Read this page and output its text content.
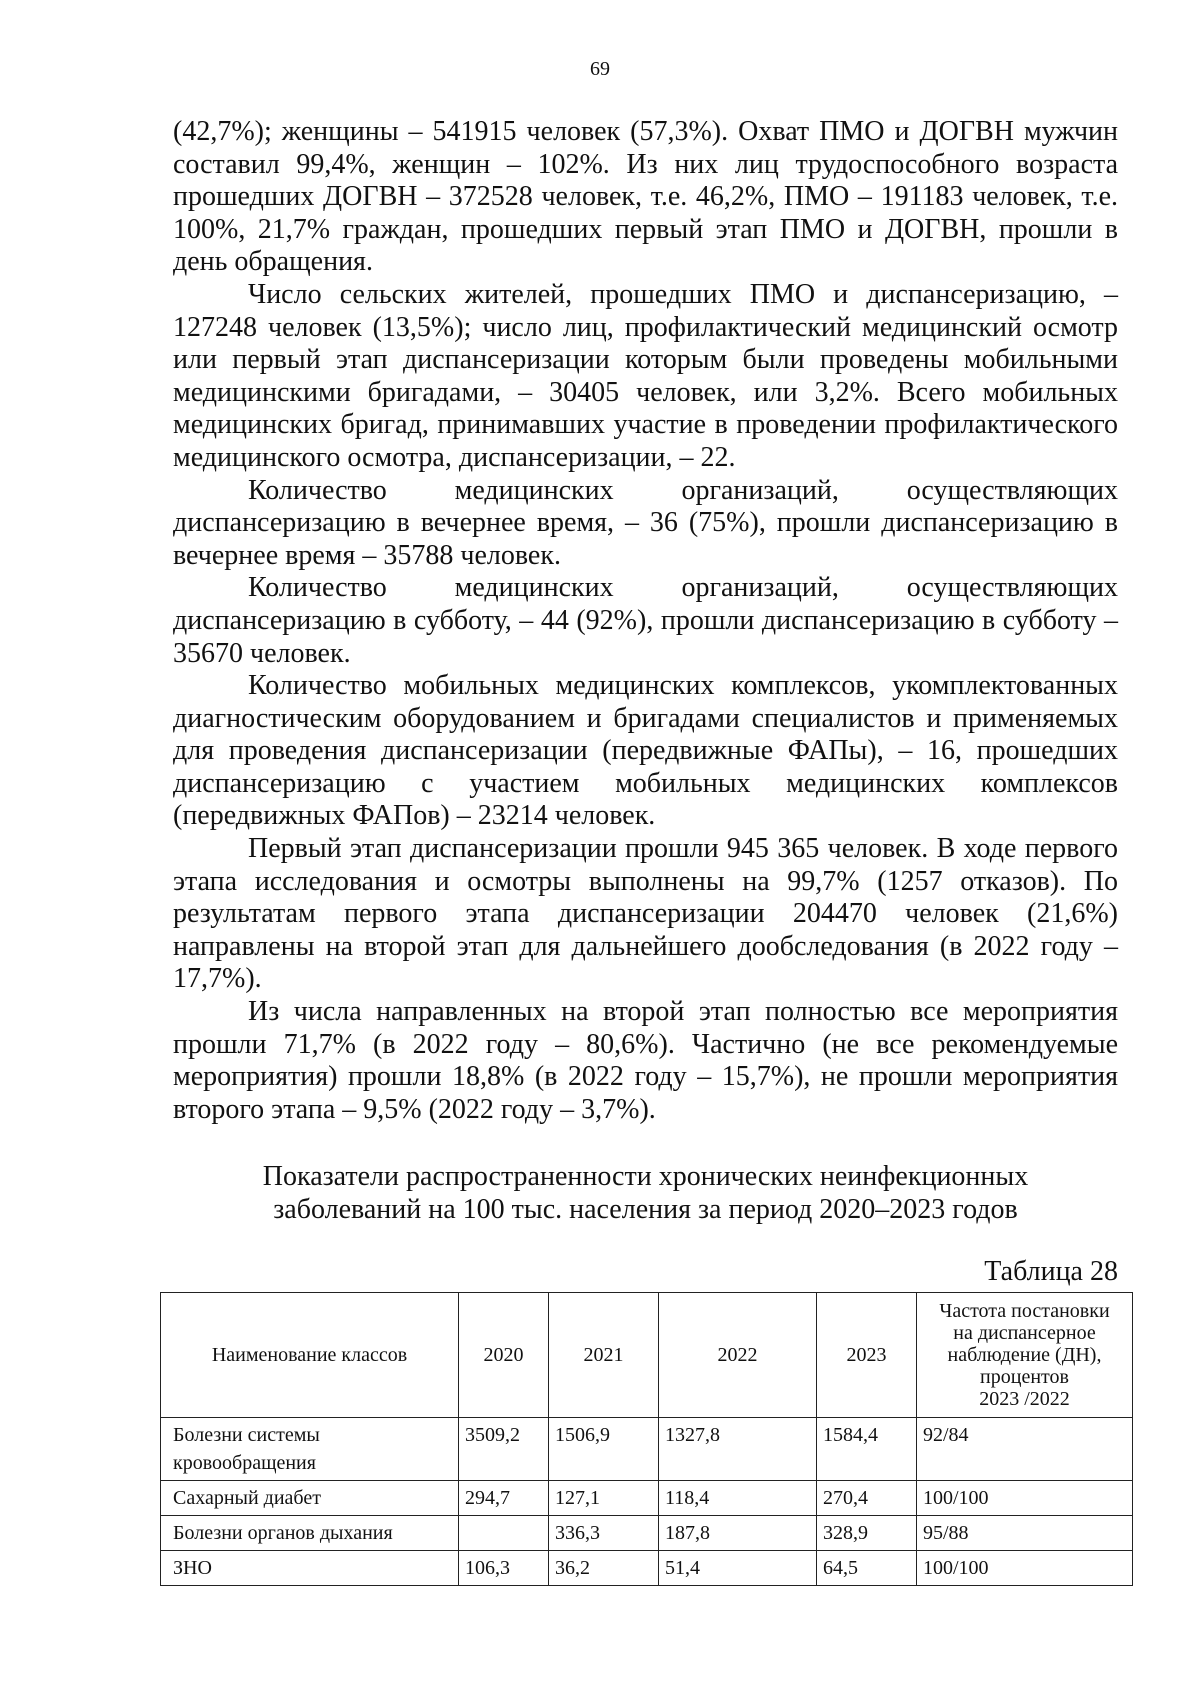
69

(42,7%); женщины – 541915 человек (57,3%). Охват ПМО и ДОГВН мужчин составил 99,4%, женщин – 102%. Из них лиц трудоспособного возраста прошедших ДОГВН – 372528 человек, т.е. 46,2%, ПМО – 191183 человек, т.е. 100%, 21,7% граждан, прошедших первый этап ПМО и ДОГВН, прошли в день обращения.

Число сельских жителей, прошедших ПМО и диспансеризацию, – 127248 человек (13,5%); число лиц, профилактический медицинский осмотр или первый этап диспансеризации которым были проведены мобильными медицинскими бригадами, – 30405 человек, или 3,2%. Всего мобильных медицинских бригад, принимавших участие в проведении профилактического медицинского осмотра, диспансеризации, – 22.

Количество медицинских организаций, осуществляющих диспансеризацию в вечернее время, – 36 (75%), прошли диспансеризацию в вечернее время – 35788 человек.

Количество медицинских организаций, осуществляющих диспансеризацию в субботу, – 44 (92%), прошли диспансеризацию в субботу – 35670 человек.

Количество мобильных медицинских комплексов, укомплектованных диагностическим оборудованием и бригадами специалистов и применяемых для проведения диспансеризации (передвижные ФАПы), – 16, прошедших диспансеризацию с участием мобильных медицинских комплексов (передвижных ФАПов) – 23214 человек.

Первый этап диспансеризации прошли 945 365 человек. В ходе первого этапа исследования и осмотры выполнены на 99,7% (1257 отказов). По результатам первого этапа диспансеризации 204470 человек (21,6%) направлены на второй этап для дальнейшего дообследования (в 2022 году – 17,7%).

Из числа направленных на второй этап полностью все мероприятия прошли 71,7% (в 2022 году – 80,6%). Частично (не все рекомендуемые мероприятия) прошли 18,8% (в 2022 году – 15,7%), не прошли мероприятия второго этапа – 9,5% (2022 году – 3,7%).

Показатели распространенности хронических неинфекционных
заболеваний на 100 тыс. населения за период 2020–2023 годов
Таблица 28
Наименование классов	2020	2021	2022	2023	Частота постановки
на диспансерное
наблюдение (ДН),
процентов
2023 /2022

Болезни системы
кровообращения	3509,2	1506,9	1327,8	1584,4	92/84
Сахарный диабет	294,7	127,1	118,4	270,4	100/100
Болезни органов дыхания		336,3	187,8	328,9	95/88
ЗНО	106,3	36,2	51,4	64,5	100/100
